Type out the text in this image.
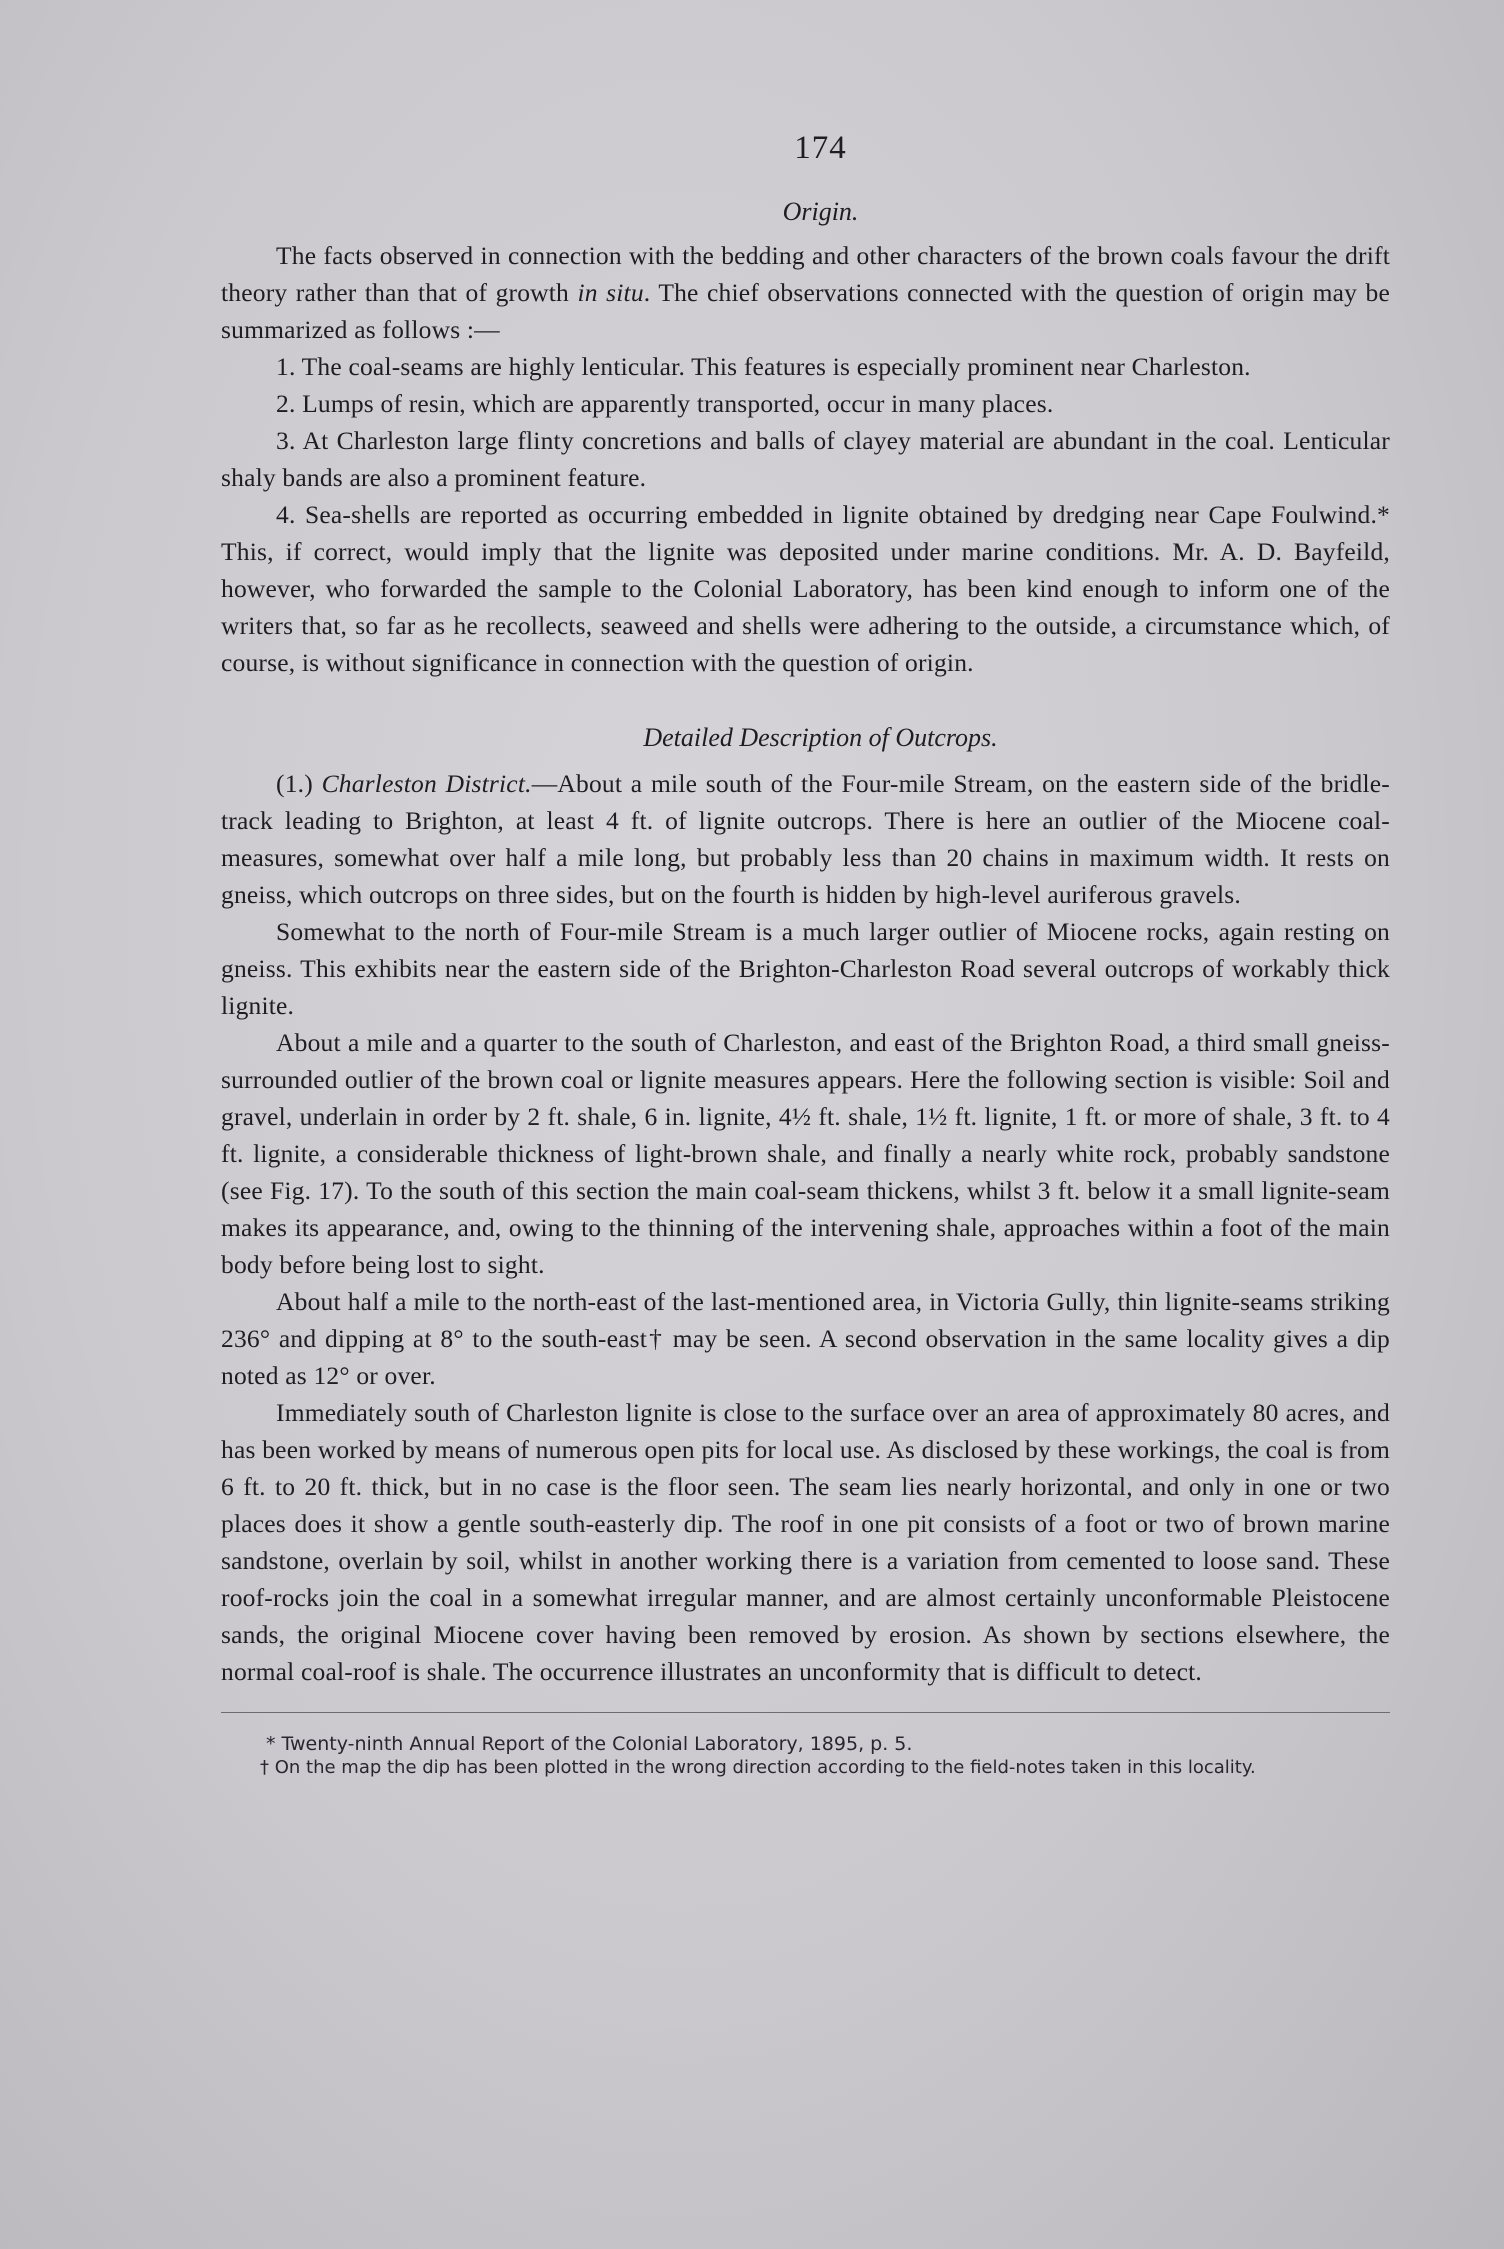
174
Origin.

The facts observed in connection with the bedding and other characters of the brown coals favour the drift theory rather than that of growth in situ. The chief observations connected with the question of origin may be summarized as follows :—

1. The coal-seams are highly lenticular. This features is especially prominent near Charleston.

2. Lumps of resin, which are apparently transported, occur in many places.

3. At Charleston large flinty concretions and balls of clayey material are abundant in the coal. Lenticular shaly bands are also a prominent feature.

4. Sea-shells are reported as occurring embedded in lignite obtained by dredging near Cape Foulwind.* This, if correct, would imply that the lignite was deposited under marine conditions. Mr. A. D. Bayfeild, however, who forwarded the sample to the Colonial Laboratory, has been kind enough to inform one of the writers that, so far as he recollects, seaweed and shells were adhering to the outside, a circumstance which, of course, is without significance in connection with the question of origin.

Detailed Description of Outcrops.

(1.) Charleston District.—About a mile south of the Four-mile Stream, on the eastern side of the bridle-track leading to Brighton, at least 4 ft. of lignite outcrops. There is here an outlier of the Miocene coal-measures, somewhat over half a mile long, but probably less than 20 chains in maximum width. It rests on gneiss, which outcrops on three sides, but on the fourth is hidden by high-level auriferous gravels.

Somewhat to the north of Four-mile Stream is a much larger outlier of Miocene rocks, again resting on gneiss. This exhibits near the eastern side of the Brighton-Charleston Road several outcrops of workably thick lignite.

About a mile and a quarter to the south of Charleston, and east of the Brighton Road, a third small gneiss-surrounded outlier of the brown coal or lignite measures appears. Here the following section is visible: Soil and gravel, underlain in order by 2 ft. shale, 6 in. lignite, 4½ ft. shale, 1½ ft. lignite, 1 ft. or more of shale, 3 ft. to 4 ft. lignite, a considerable thickness of light-brown shale, and finally a nearly white rock, probably sandstone (see Fig. 17). To the south of this section the main coal-seam thickens, whilst 3 ft. below it a small lignite-seam makes its appearance, and, owing to the thinning of the intervening shale, approaches within a foot of the main body before being lost to sight.

About half a mile to the north-east of the last-mentioned area, in Victoria Gully, thin lignite-seams striking 236° and dipping at 8° to the south-east† may be seen. A second observation in the same locality gives a dip noted as 12° or over.

Immediately south of Charleston lignite is close to the surface over an area of approximately 80 acres, and has been worked by means of numerous open pits for local use. As disclosed by these workings, the coal is from 6 ft. to 20 ft. thick, but in no case is the floor seen. The seam lies nearly horizontal, and only in one or two places does it show a gentle south-easterly dip. The roof in one pit consists of a foot or two of brown marine sandstone, overlain by soil, whilst in another working there is a variation from cemented to loose sand. These roof-rocks join the coal in a somewhat irregular manner, and are almost certainly unconformable Pleistocene sands, the original Miocene cover having been removed by erosion. As shown by sections elsewhere, the normal coal-roof is shale. The occurrence illustrates an unconformity that is difficult to detect.

* Twenty-ninth Annual Report of the Colonial Laboratory, 1895, p. 5.
† On the map the dip has been plotted in the wrong direction according to the field-notes taken in this locality.
